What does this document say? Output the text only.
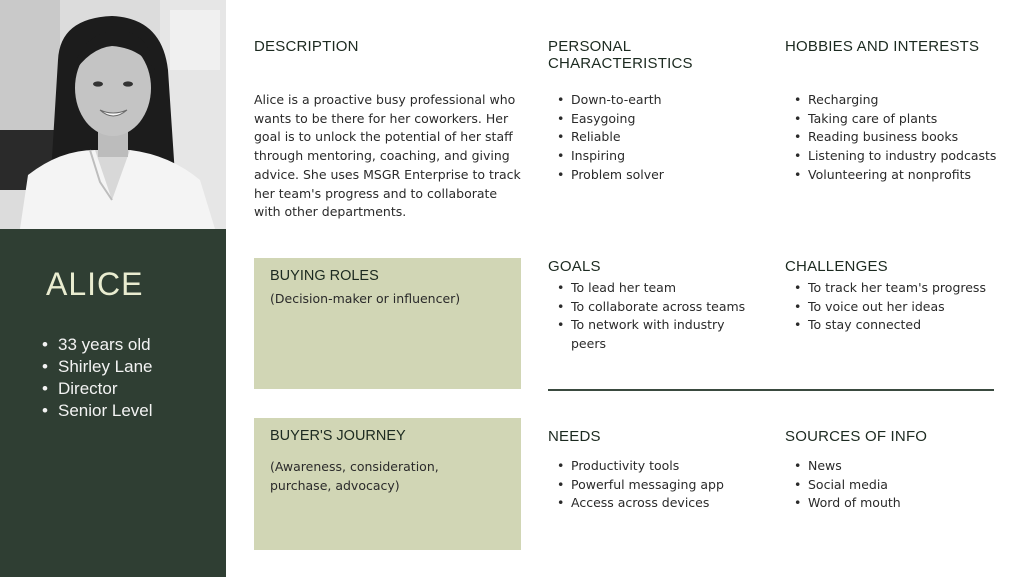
ALICE
• 33 years old
• Shirley Lane
• Director
• Senior Level
DESCRIPTION
Alice is a proactive busy professional who wants to be there for her coworkers. Her goal is to unlock the potential of her staff through mentoring, coaching, and giving advice. She uses MSGR Enterprise to track her team's progress and to collaborate with other departments.
PERSONAL CHARACTERISTICS
• Down-to-earth
• Easygoing
• Reliable
• Inspiring
• Problem solver
HOBBIES AND INTERESTS
• Recharging
• Taking care of plants
• Reading business books
• Listening to industry podcasts
• Volunteering at nonprofits
BUYING ROLES
(Decision-maker or influencer)
GOALS
• To lead her team
• To collaborate across teams
• To network with industry peers
CHALLENGES
• To track her team's progress
• To voice out her ideas
• To stay connected
BUYER'S JOURNEY
(Awareness, consideration, purchase, advocacy)
NEEDS
• Productivity tools
• Powerful messaging app
• Access across devices
SOURCES OF INFO
• News
• Social media
• Word of mouth
